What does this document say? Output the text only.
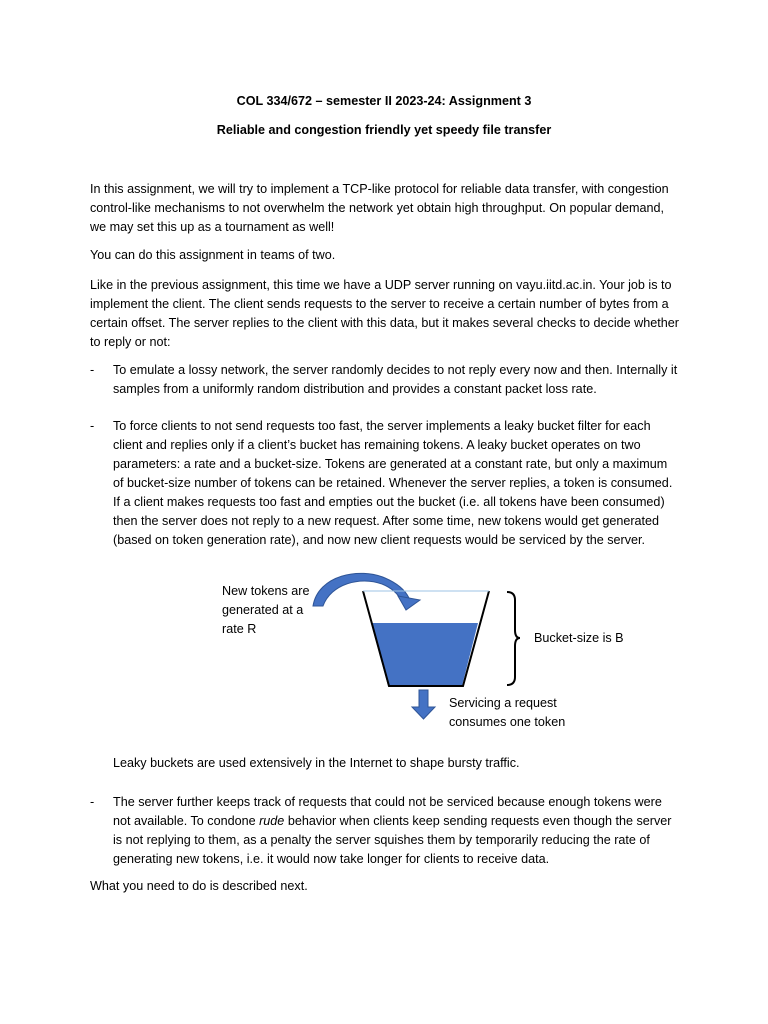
COL 334/672 – semester II 2023-24: Assignment 3
Reliable and congestion friendly yet speedy file transfer
In this assignment, we will try to implement a TCP-like protocol for reliable data transfer, with congestion control-like mechanisms to not overwhelm the network yet obtain high throughput. On popular demand, we may set this up as a tournament as well!
You can do this assignment in teams of two.
Like in the previous assignment, this time we have a UDP server running on vayu.iitd.ac.in. Your job is to implement the client. The client sends requests to the server to receive a certain number of bytes from a certain offset. The server replies to the client with this data, but it makes several checks to decide whether to reply or not:
-	To emulate a lossy network, the server randomly decides to not reply every now and then. Internally it samples from a uniformly random distribution and provides a constant packet loss rate.
-	To force clients to not send requests too fast, the server implements a leaky bucket filter for each client and replies only if a client’s bucket has remaining tokens. A leaky bucket operates on two parameters: a rate and a bucket-size. Tokens are generated at a constant rate, but only a maximum of bucket-size number of tokens can be retained. Whenever the server replies, a token is consumed. If a client makes requests too fast and empties out the bucket (i.e. all tokens have been consumed) then the server does not reply to a new request. After some time, new tokens would get generated (based on token generation rate), and now new client requests would be serviced by the server.
New tokens are
generated at a
rate R
Bucket-size is B
Servicing a request
consumes one token
Leaky buckets are used extensively in the Internet to shape bursty traffic.
-	The server further keeps track of requests that could not be serviced because enough tokens were not available. To condone rude behavior when clients keep sending requests even though the server is not replying to them, as a penalty the server squishes them by temporarily reducing the rate of generating new tokens, i.e. it would now take longer for clients to receive data.
What you need to do is described next.
